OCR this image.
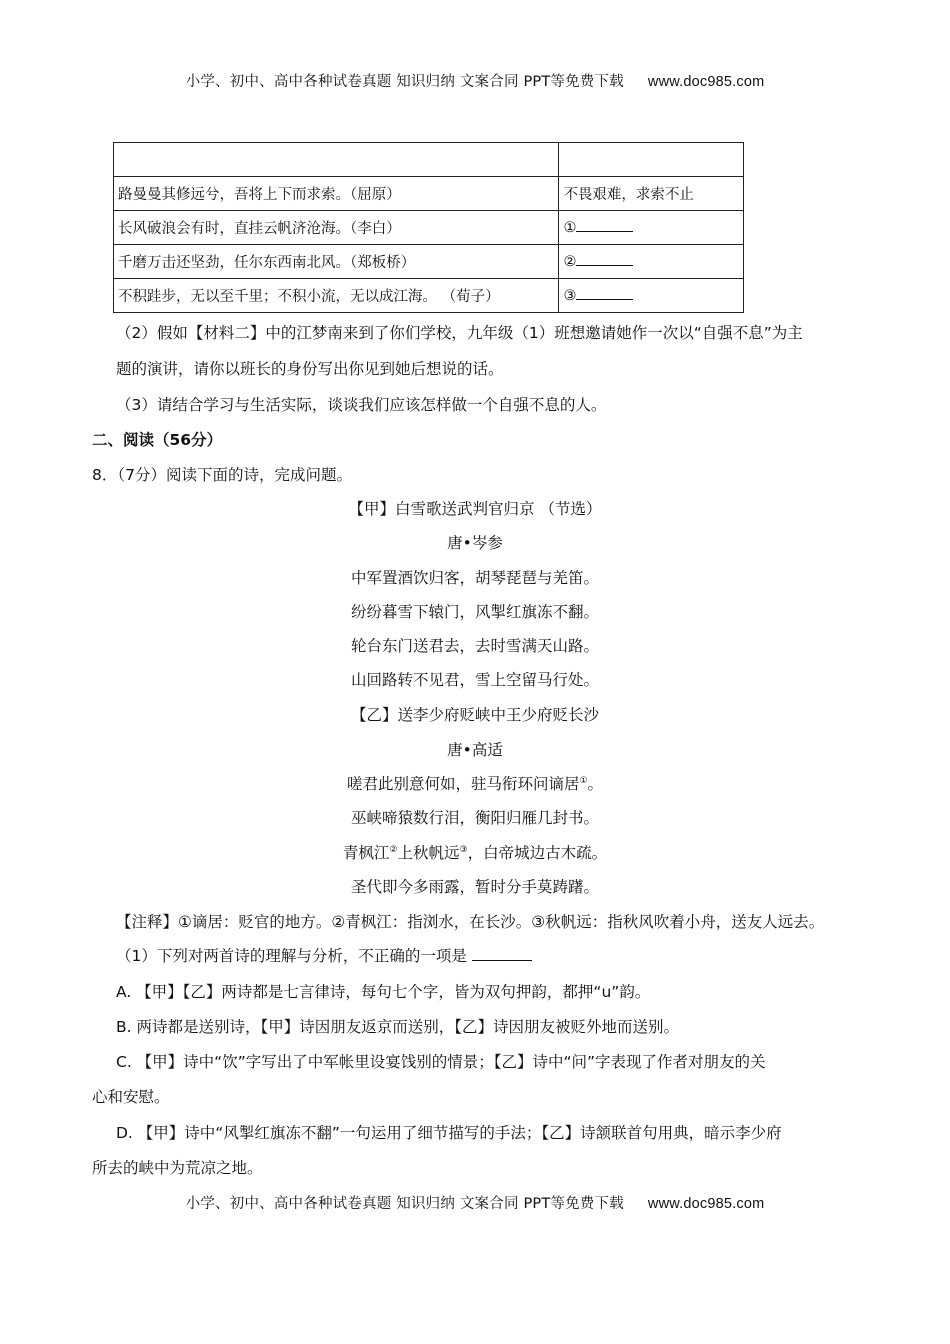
小学、初中、高中各种试卷真题 知识归纳 文案合同 PPT等免费下载 www.doc985.com

路曼曼其修远兮，吾将上下而求索。（屈原）	不畏艰难，求索不止
长风破浪会有时，直挂云帆济沧海。（李白）	①
千磨万击还坚劲，任尔东西南北风。（郑板桥）	②
不积跬步，无以至千里；不积小流，无以成江海。 （荀子）	③
（2）假如【材料二】中的江梦南来到了你们学校，九年级（1）班想邀请她作一次以“自强不息”为主
题的演讲，请你以班长的身份写出你见到她后想说的话。
（3）请结合学习与生活实际，谈谈我们应该怎样做一个自强不息的人。
二、阅读（56分）
8．（7分）阅读下面的诗，完成问题。
【甲】白雪歌送武判官归京 （节选）
唐•岑参
中军置酒饮归客，胡琴琵琶与羌笛。
纷纷暮雪下辕门，风掣红旗冻不翻。
轮台东门送君去，去时雪满天山路。
山回路转不见君，雪上空留马行处。
【乙】送李少府贬峡中王少府贬长沙
唐•高适
嗟君此别意何如，驻马衔环问谪居①。
巫峡啼猿数行泪，衡阳归雁几封书。
青枫江②上秋帆远③，白帝城边古木疏。
圣代即今多雨露，暂时分手莫踌躇。
【注释】①谪居：贬官的地方。②青枫江：指浏水，在长沙。③秋帆远：指秋风吹着小舟，送友人远去。
（1）下列对两首诗的理解与分析，不正确的一项是
A. 【甲】【乙】两诗都是七言律诗，每句七个字，皆为双句押韵，都押“u”韵。
B. 两诗都是送别诗，【甲】诗因朋友返京而送别，【乙】诗因朋友被贬外地而送别。
C. 【甲】诗中“饮”字写出了中军帐里设宴饯别的情景；【乙】诗中“问”字表现了作者对朋友的关
心和安慰。
D. 【甲】诗中“风掣红旗冻不翻”一句运用了细节描写的手法；【乙】诗颔联首句用典，暗示李少府
所去的峡中为荒凉之地。
小学、初中、高中各种试卷真题 知识归纳 文案合同 PPT等免费下载 www.doc985.com
